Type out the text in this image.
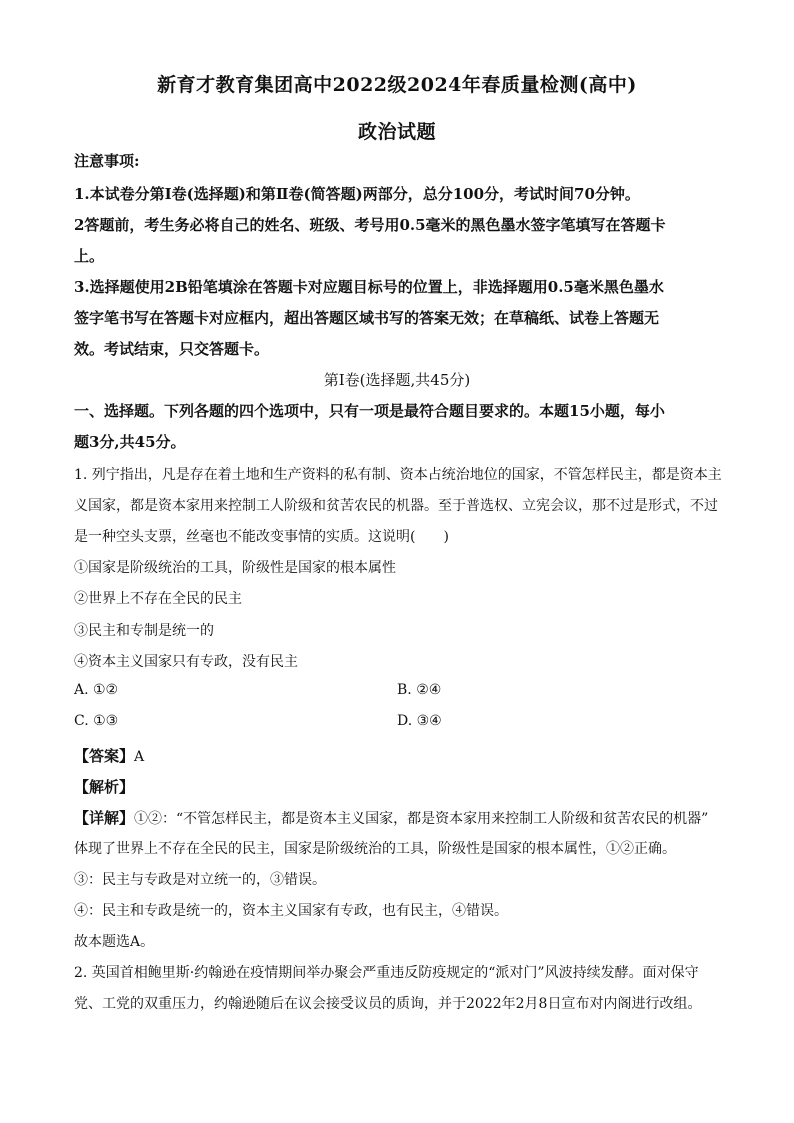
新育才教育集团高中2022级2024年春质量检测(高中)
政治试题
注意事项:
1.本试卷分第Ⅰ卷(选择题)和第Ⅱ卷(简答题)两部分，总分100分，考试时间70分钟。
2答题前，考生务必将自己的姓名、班级、考号用0.5毫米的黑色墨水签字笔填写在答题卡
上。
3.选择题使用2B铅笔填涂在答题卡对应题目标号的位置上，非选择题用0.5毫米黑色墨水
签字笔书写在答题卡对应框内，超出答题区域书写的答案无效；在草稿纸、试卷上答题无
效。考试结束，只交答题卡。
第Ⅰ卷(选择题,共45分)
一、选择题。下列各题的四个选项中，只有一项是最符合题目要求的。本题15小题，每小
题3分,共45分。
1. 列宁指出，凡是存在着土地和生产资料的私有制、资本占统治地位的国家，不管怎样民主，都是资本主
义国家，都是资本家用来控制工人阶级和贫苦农民的机器。至于普选权、立宪会议，那不过是形式，不过
是一种空头支票，丝毫也不能改变事情的实质。这说明(　　)
①国家是阶级统治的工具，阶级性是国家的根本属性
②世界上不存在全民的民主
③民主和专制是统一的
④资本主义国家只有专政，没有民主
A. ①②	B. ②④
C. ①③	D. ③④
【答案】A
【解析】
【详解】①②：“不管怎样民主，都是资本主义国家，都是资本家用来控制工人阶级和贫苦农民的机器”
体现了世界上不存在全民的民主，国家是阶级统治的工具，阶级性是国家的根本属性，①②正确。
③：民主与专政是对立统一的，③错误。
④：民主和专政是统一的，资本主义国家有专政，也有民主，④错误。
故本题选A。
2. 英国首相鲍里斯·约翰逊在疫情期间举办聚会严重违反防疫规定的“派对门”风波持续发酵。面对保守
党、工党的双重压力，约翰逊随后在议会接受议员的质询，并于2022年2月8日宣布对内阁进行改组。
